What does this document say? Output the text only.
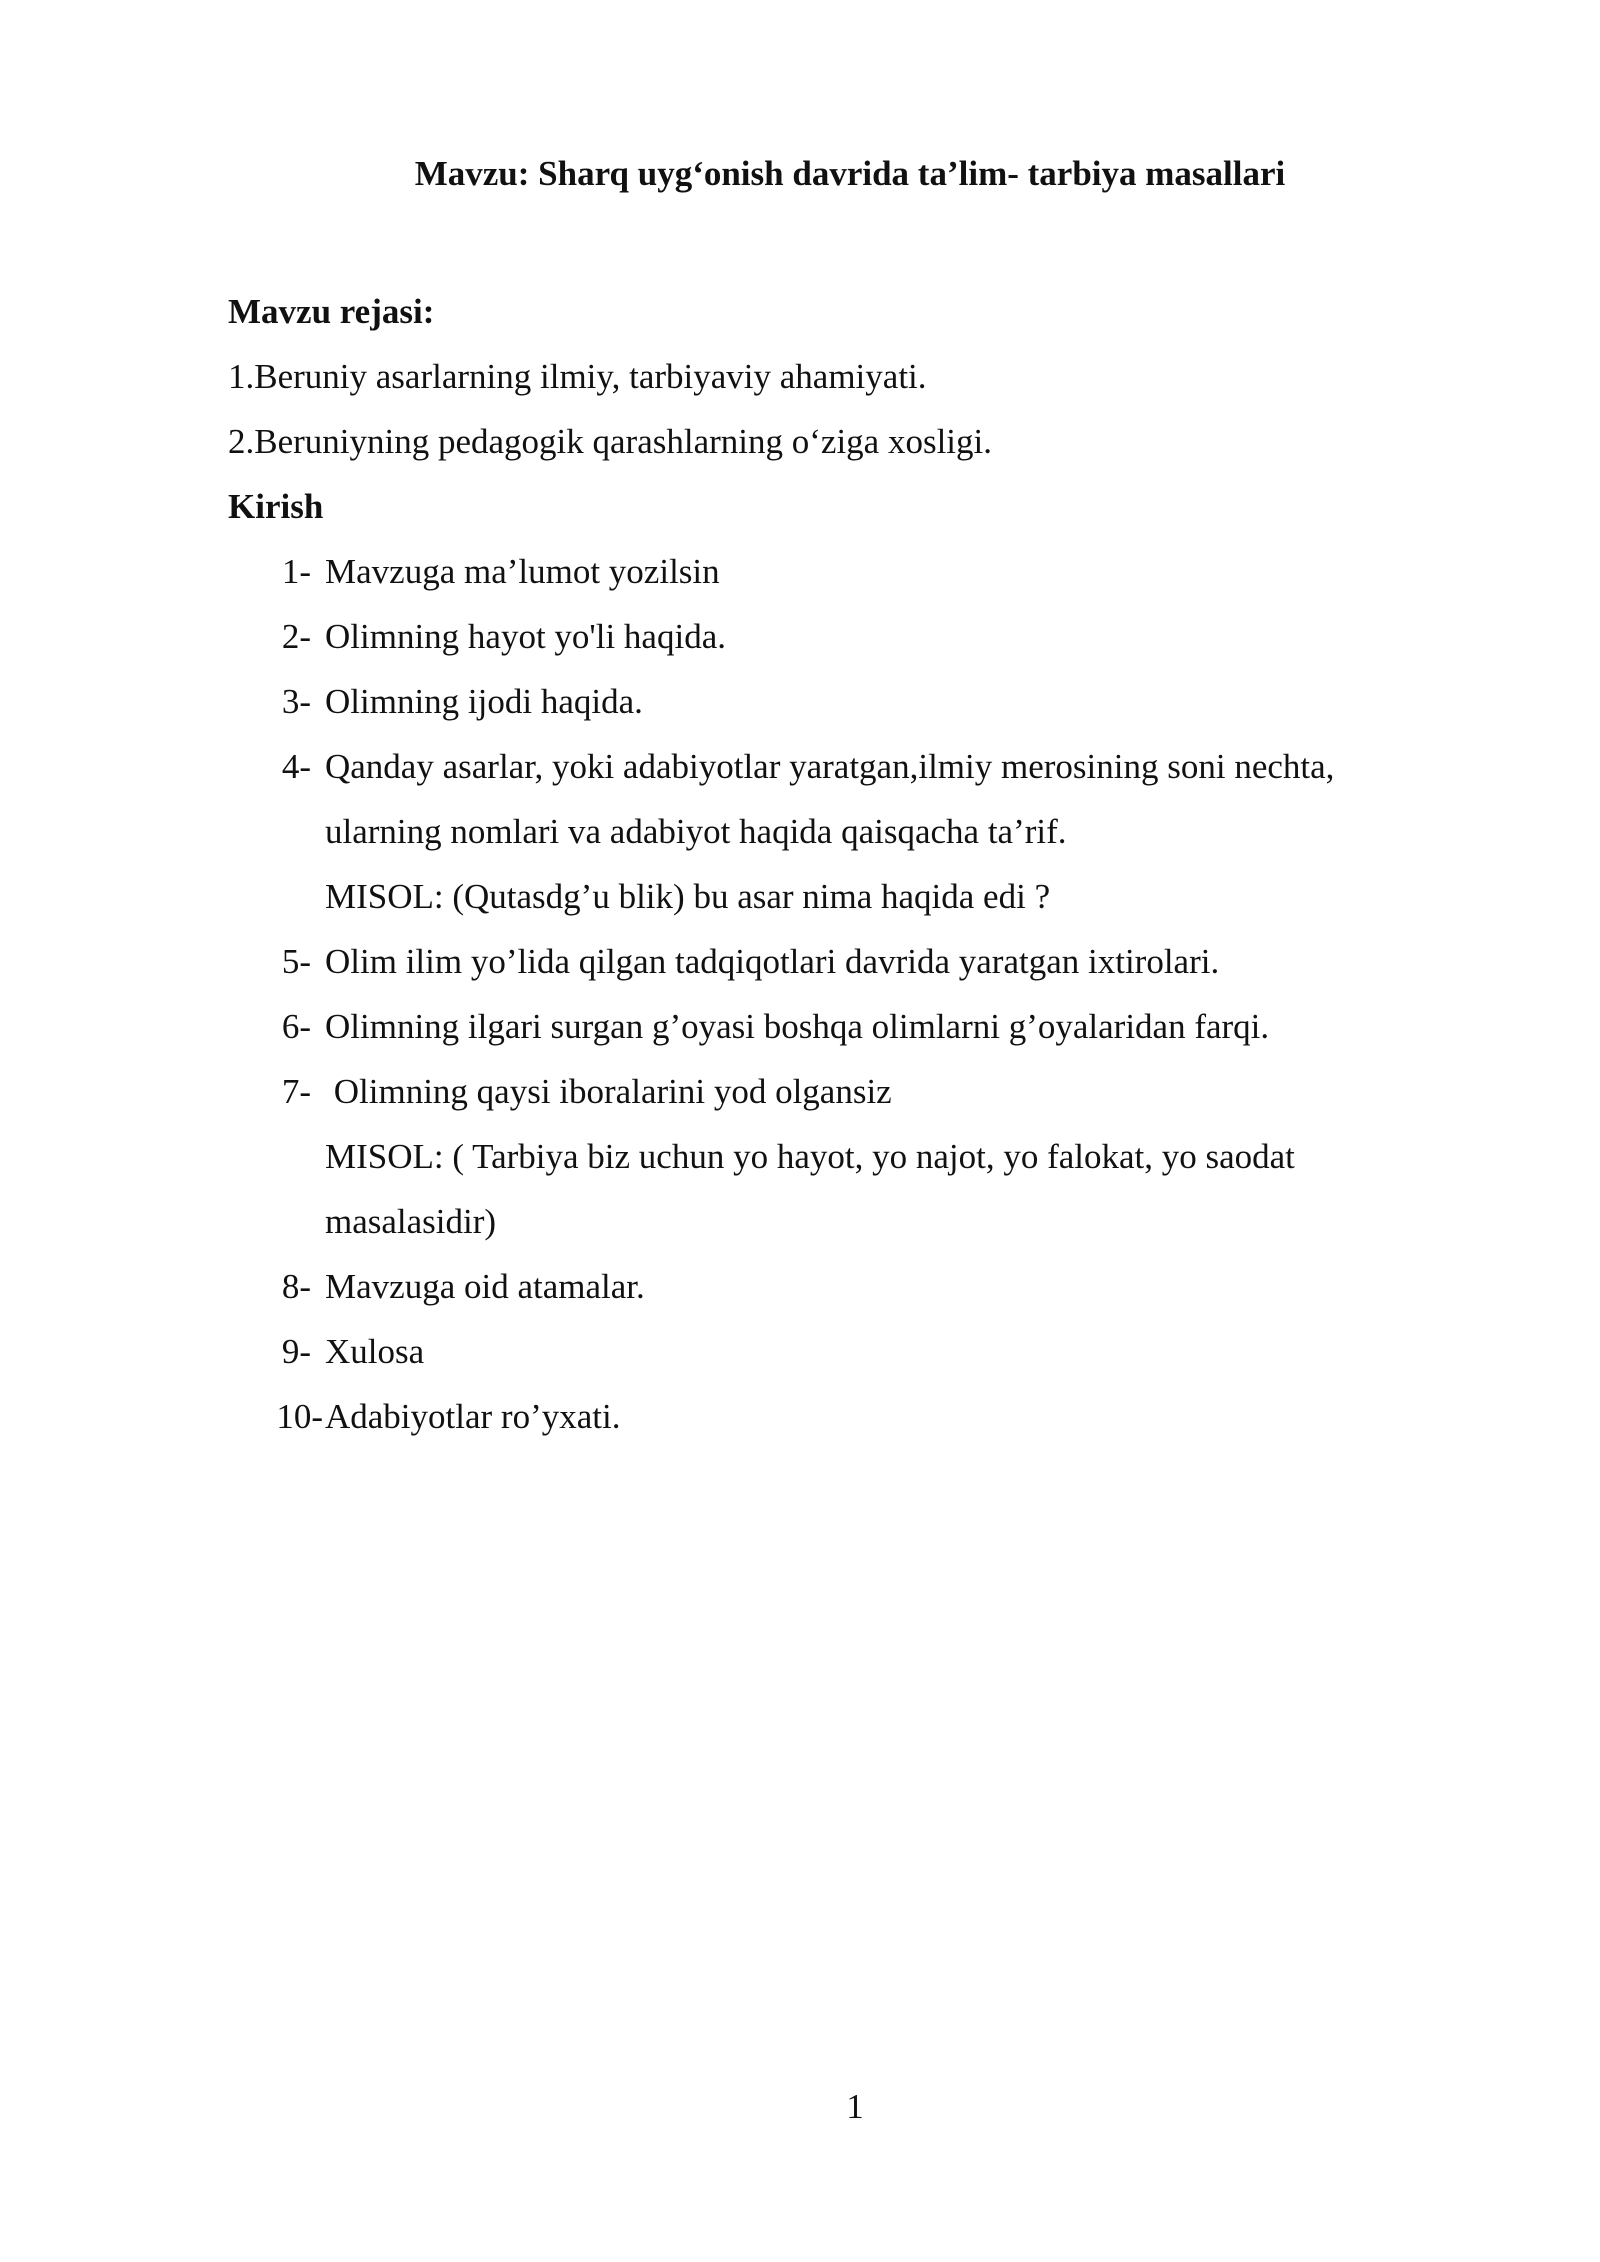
Mavzu: Sharq uyg‘onish davrida ta’lim- tarbiya masallari

Mavzu rejasi:

1.Beruniy asarlarning ilmiy, tarbiyaviy ahamiyati.

2.Beruniyning pedagogik qarashlarning o‘ziga xosligi.

Kirish

1- Mavzuga ma’lumot yozilsin
2- Olimning hayot yo'li haqida.
3- Olimning ijodi haqida.
4- Qanday asarlar, yoki adabiyotlar yaratgan,ilmiy merosining soni nechta,

ularning nomlari va adabiyot haqida qaisqacha ta’rif.

MISOL: (Qutasdg’u blik) bu asar nima haqida edi ?

5- Olim ilim yo’lida qilgan tadqiqotlari davrida yaratgan ixtirolari.
6- Olimning ilgari surgan g’oyasi boshqa olimlarni g’oyalaridan farqi.
7- Olimning qaysi iboralarini yod olgansiz

MISOL: ( Tarbiya biz uchun yo hayot, yo najot, yo falokat, yo saodat

masalasidir)

8- Mavzuga oid atamalar.
9- Xulosa
10- Adabiyotlar ro’yxati.
1
